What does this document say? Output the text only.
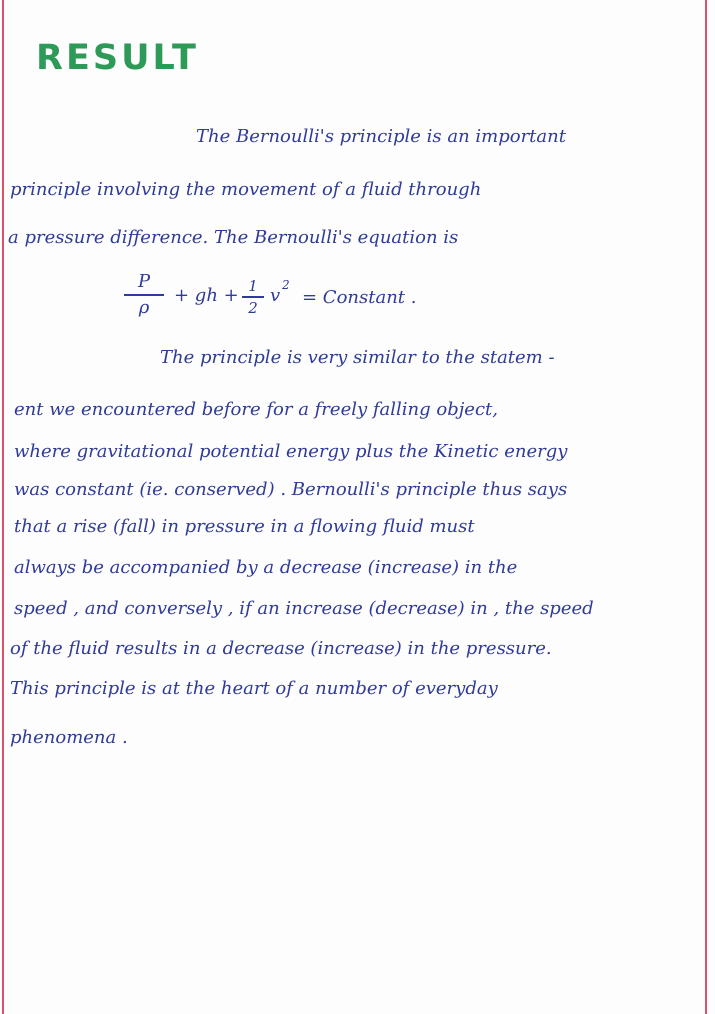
RESULT

The Bernoulli's principle is an important

principle involving the movement of a fluid through

a pressure difference. The Bernoulli's equation is

P
ρ
+ gh + 1
2
v 2
= Constant .

The principle is very similar to the statem -

ent we encountered before for a freely falling object,

where gravitational potential energy plus the Kinetic energy

was constant (ie. conserved) . Bernoulli's principle thus says

that a rise (fall) in pressure in a flowing fluid must

always be accompanied by a decrease (increase) in the

speed , and conversely , if an increase (decrease) in , the speed

of the fluid results in a decrease (increase) in the pressure.

This principle is at the heart of a number of everyday

phenomena .
